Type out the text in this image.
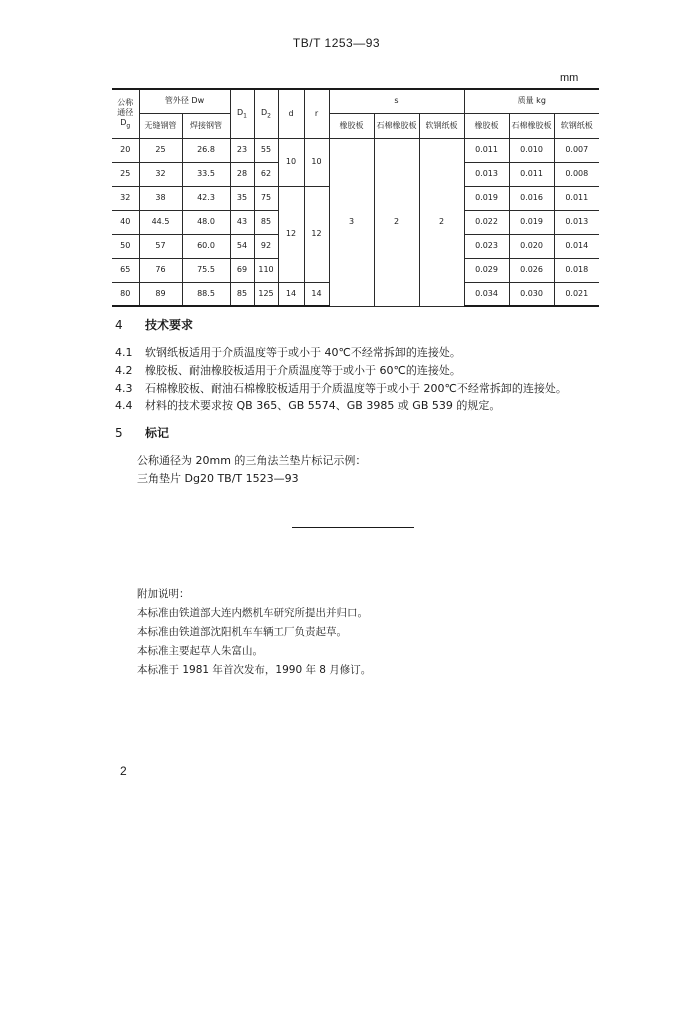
TB/T 1253—93
mm
公称
通径
$D_g$	管外径 Dw		$D_1$	$D_2$	d	r	s			质量 kg		
	无缝钢管	焊接钢管					橡胶板	石棉橡胶板	软钢纸板	橡胶板	石棉橡胶板	软钢纸板
20	25	26.8	23	55	10	10	3	2	2	0.011	0.010	0.007
25	32	33.5	28	62						0.013	0.011	0.008
32	38	42.3	35	75	12	12				0.019	0.016	0.011
40	44.5	48.0	43	85						0.022	0.019	0.013
50	57	60.0	54	92						0.023	0.020	0.014
65	76	75.5	69	110						0.029	0.026	0.018
80	89	88.5	85	125	14	14				0.034	0.030	0.021
4 技术要求
4.1 软钢纸板适用于介质温度等于或小于 40℃不经常拆卸的连接处。
4.2 橡胶板、耐油橡胶板适用于介质温度等于或小于 60℃的连接处。
4.3 石棉橡胶板、耐油石棉橡胶板适用于介质温度等于或小于 200℃不经常拆卸的连接处。
4.4 材料的技术要求按 QB 365、GB 5574、GB 3985 或 GB 539 的规定。
5 标记
公称通径为 20mm 的三角法兰垫片标记示例：
三角垫片 Dg20 TB/T 1523—93
附加说明：
本标准由铁道部大连内燃机车研究所提出并归口。
本标准由铁道部沈阳机车车辆工厂负责起草。
本标准主要起草人朱富山。
本标准于 1981 年首次发布，1990 年 8 月修订。
2
